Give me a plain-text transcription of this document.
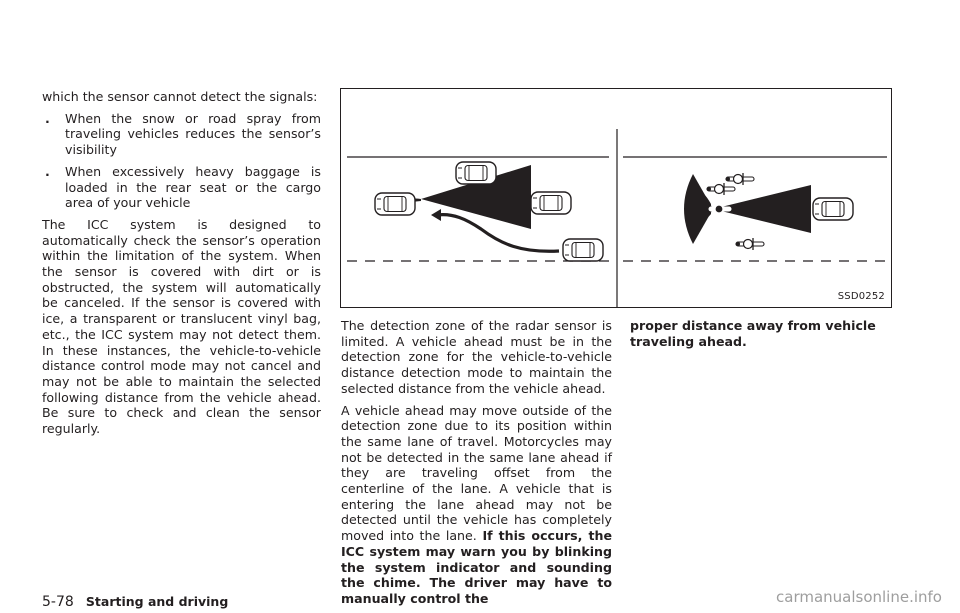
which the sensor cannot detect the signals:

.	When the snow or road spray from traveling vehicles reduces the sensor’s visibility
.	When excessively heavy baggage is loaded in the rear seat or the cargo area of your vehicle

The ICC system is designed to automatically check the sensor’s operation within the limitation of the system. When the sensor is covered with dirt or is obstructed, the system will automatically be canceled. If the sensor is covered with ice, a transparent or translucent vinyl bag, etc., the ICC system may not detect them. In these instances, the vehicle-to-vehicle distance control mode may not cancel and may not be able to maintain the selected following distance from the vehicle ahead. Be sure to check and clean the sensor regularly.

SSD0252

The detection zone of the radar sensor is limited. A vehicle ahead must be in the detection zone for the vehicle-to-vehicle distance detection mode to maintain the selected distance from the vehicle ahead.

A vehicle ahead may move outside of the detection zone due to its position within the same lane of travel. Motorcycles may not be detected in the same lane ahead if they are traveling offset from the centerline of the lane. A vehicle that is entering the lane ahead may not be detected until the vehicle has completely moved into the lane. If this occurs, the ICC system may warn you by blinking the system indicator and sounding the chime. The driver may have to manually control the

proper distance away from vehicle traveling ahead.

5-78 Starting and driving	carmanualsonline.info
